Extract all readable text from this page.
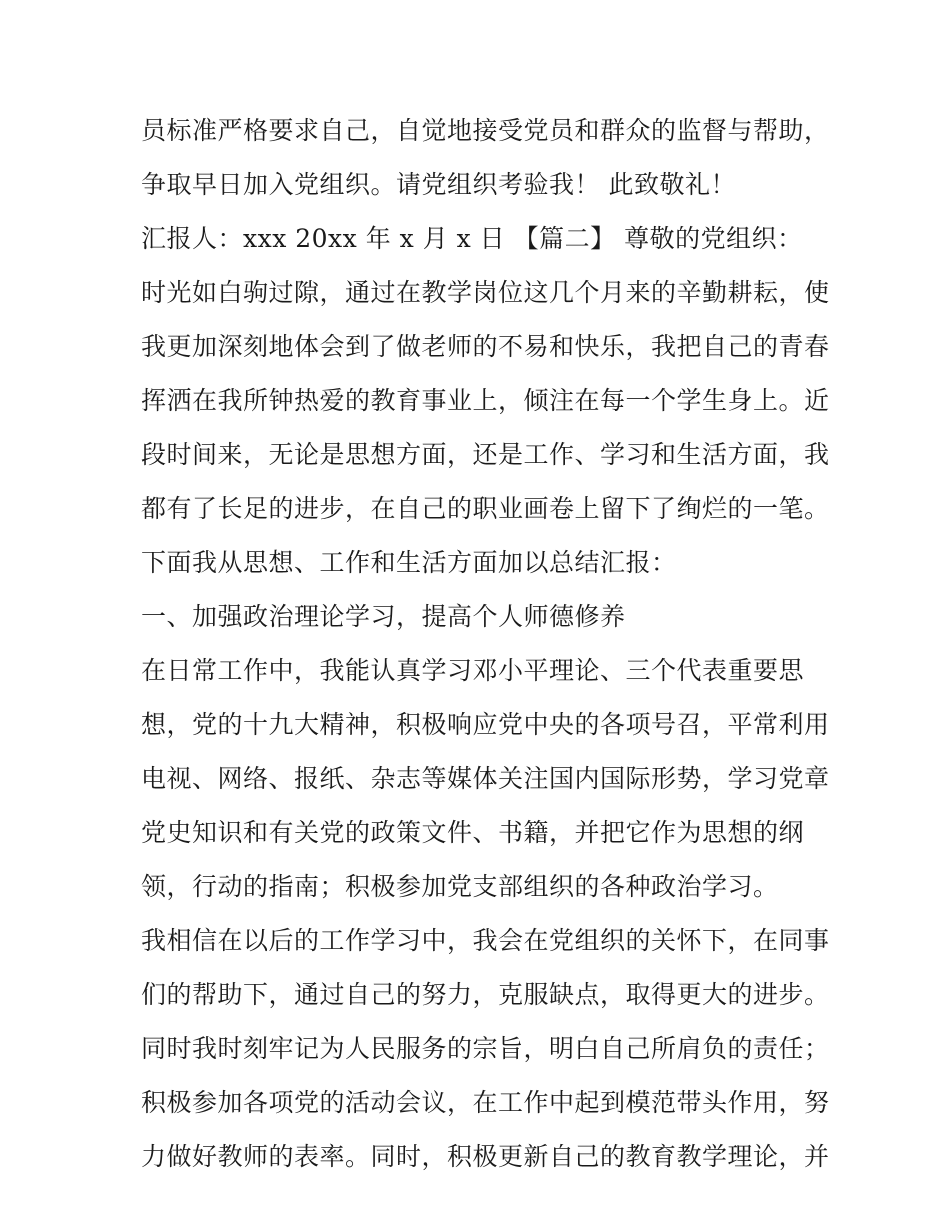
员标准严格要求自己，自觉地接受党员和群众的监督与帮助，
争取早日加入党组织。请党组织考验我！ 此致敬礼！
汇报人：xxx 20xx 年 x 月 x 日 【篇二】 尊敬的党组织：
时光如白驹过隙，通过在教学岗位这几个月来的辛勤耕耘，使
我更加深刻地体会到了做老师的不易和快乐，我把自己的青春
挥洒在我所钟热爱的教育事业上，倾注在每一个学生身上。近
段时间来，无论是思想方面，还是工作、学习和生活方面，我
都有了长足的进步，在自己的职业画卷上留下了绚烂的一笔。
下面我从思想、工作和生活方面加以总结汇报：
一、加强政治理论学习，提高个人师德修养
在日常工作中，我能认真学习邓小平理论、三个代表重要思
想，党的十九大精神，积极响应党中央的各项号召，平常利用
电视、网络、报纸、杂志等媒体关注国内国际形势，学习党章
党史知识和有关党的政策文件、书籍，并把它作为思想的纲
领，行动的指南；积极参加党支部组织的各种政治学习。
我相信在以后的工作学习中，我会在党组织的关怀下，在同事
们的帮助下，通过自己的努力，克服缺点，取得更大的进步。
同时我时刻牢记为人民服务的宗旨，明白自己所肩负的责任；
积极参加各项党的活动会议，在工作中起到模范带头作用，努
力做好教师的表率。同时，积极更新自己的教育教学理论，并
